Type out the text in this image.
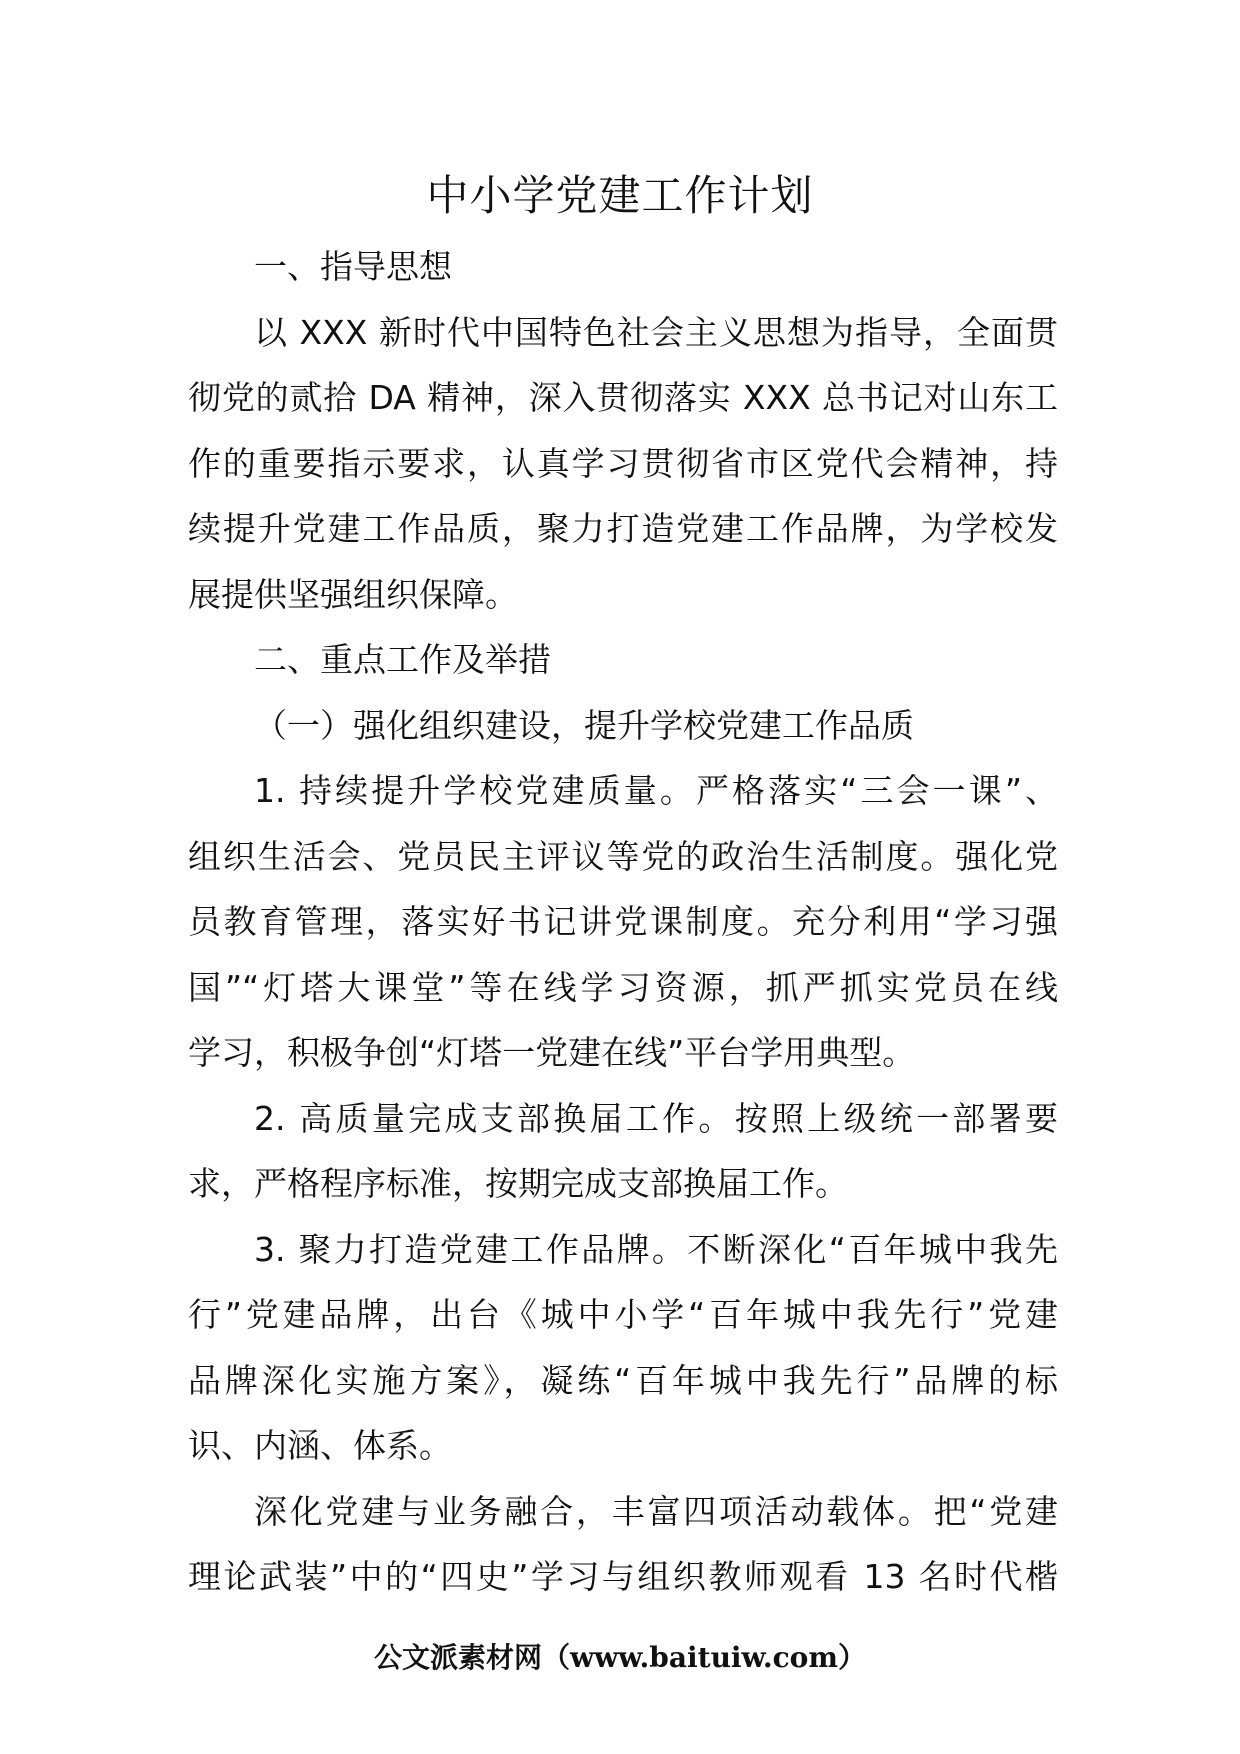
中小学党建工作计划
一、指导思想
以 XXX 新时代中国特色社会主义思想为指导，全面贯
彻党的贰拾 DA 精神，深入贯彻落实 XXX 总书记对山东工
作的重要指示要求，认真学习贯彻省市区党代会精神，持
续提升党建工作品质，聚力打造党建工作品牌，为学校发
展提供坚强组织保障。
二、重点工作及举措
（一）强化组织建设，提升学校党建工作品质
1. 持续提升学校党建质量。严格落实“三会一课”、
组织生活会、党员民主评议等党的政治生活制度。强化党
员教育管理，落实好书记讲党课制度。充分利用“学习强
国”“灯塔大课堂”等在线学习资源，抓严抓实党员在线
学习，积极争创“灯塔一党建在线”平台学用典型。
2. 高质量完成支部换届工作。按照上级统一部署要
求，严格程序标准，按期完成支部换届工作。
3. 聚力打造党建工作品牌。不断深化“百年城中我先
行”党建品牌，出台《城中小学“百年城中我先行”党建
品牌深化实施方案》，凝练“百年城中我先行”品牌的标
识、内涵、体系。
深化党建与业务融合，丰富四项活动载体。把“党建
理论武装”中的“四史”学习与组织教师观看 13 名时代楷
公文派素材网（www.baituiw.com）
